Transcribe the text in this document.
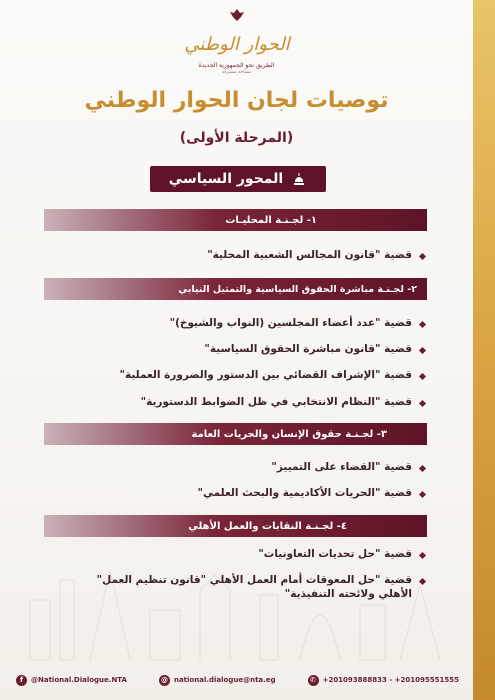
الحوار الوطني
الطريق نحو الجمهورية الجديدة
مساحة مشتركة
توصيات لجان الحوار الوطني
(المرحلة الأولى)
المحور السياسي
١- لجـنـة المحليـات
قضية "قانون المجالس الشعبية المحلية"
٢- لجـنـة مباشرة الحقوق السياسية والتمثيل النيابي
قضية "عدد أعضاء المجلسين (النواب والشيوخ)"
قضية "قانون مباشرة الحقوق السياسية"
قضية "الإشراف القضائي بين الدستور والضرورة العملية"
قضية "النظام الانتخابي في ظل الضوابط الدستورية"
٣- لجـنـة حقوق الإنسان والحريات العامة
قضية "القضاء على التمييز"
قضية "الحريات الأكاديمية والبحث العلمي"
٤- لجـنـة النقابات والعمل الأهلي
قضية "حل تحديات التعاونيات"
قضية "حل المعوقات أمام العمل الأهلي "قانون تنظيم العمل"
الأهلي ولائحته التنفيذية"
f	@National.Dialogue.NTA	@ national.dialogue@nta.eg	✆ +201093888833 - +201095551555
